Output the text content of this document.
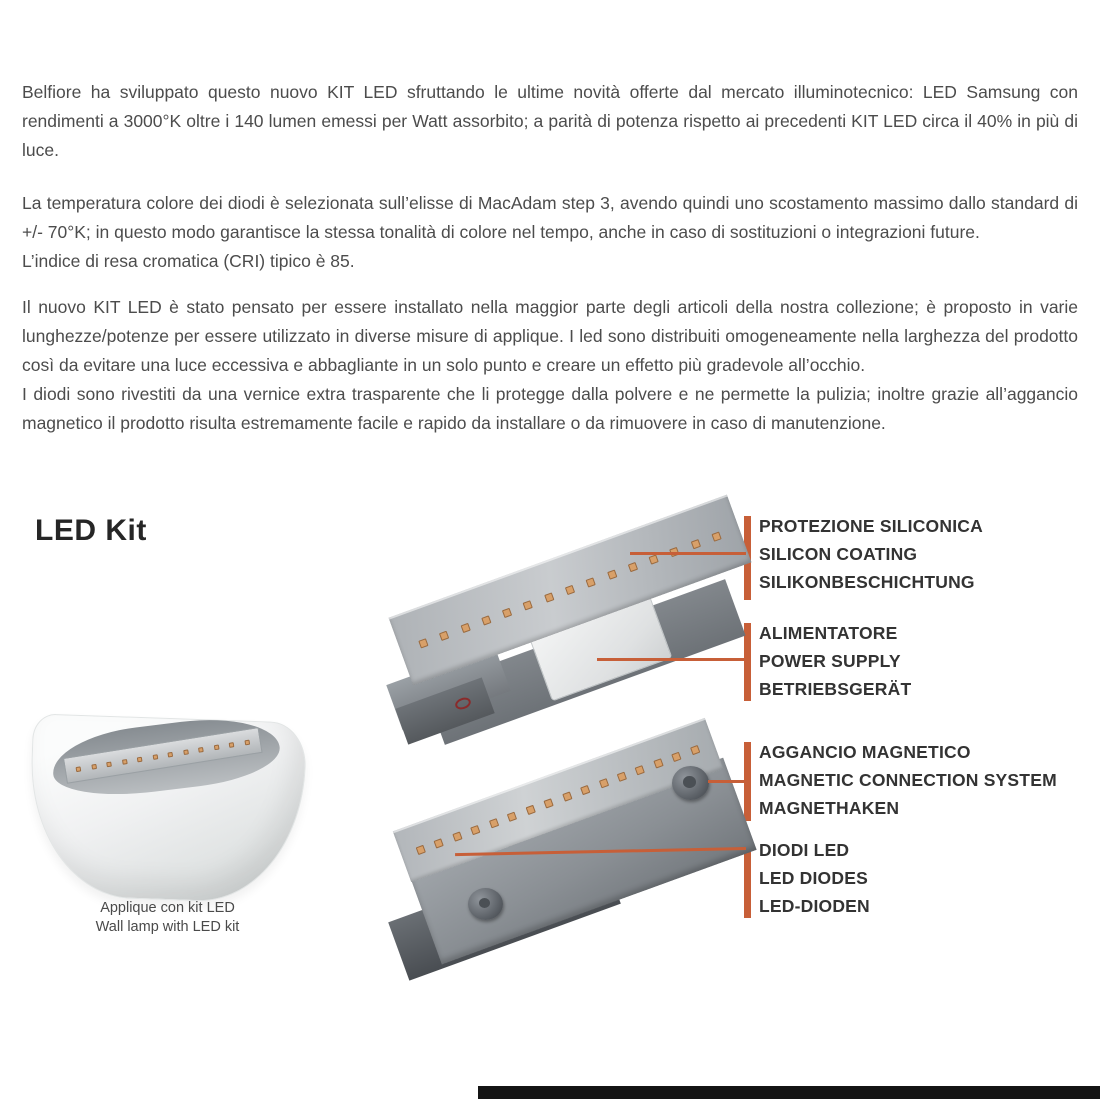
Belfiore ha sviluppato questo nuovo KIT LED sfruttando le ultime novità offerte dal mercato illuminotecnico: LED Samsung con rendimenti a 3000°K oltre i 140 lumen emessi per Watt assorbito; a parità di potenza rispetto ai precedenti KIT LED circa il 40% in più di luce.

La temperatura colore dei diodi è selezionata sull’elisse di MacAdam step 3, avendo quindi uno scostamento massimo dallo standard di +/- 70°K; in questo modo garantisce la stessa tonalità di colore nel tempo, anche in caso di sostituzioni o integrazioni future.

L’indice di resa cromatica (CRI) tipico è 85.

Il nuovo KIT LED è stato pensato per essere installato nella maggior parte degli articoli della nostra collezione; è proposto in varie lunghezze/potenze per essere utilizzato in diverse misure di applique. I led sono distribuiti omogeneamente nella larghezza del prodotto così da evitare una luce eccessiva e abbagliante in un solo punto e creare un effetto più gradevole all’occhio.

I diodi sono rivestiti da una vernice extra trasparente che li protegge dalla polvere e ne permette la pulizia; inoltre grazie all’aggancio magnetico il prodotto risulta estremamente facile e rapido da installare o da rimuovere in caso di manutenzione.

LED Kit
Applique con kit LED
Wall lamp with LED kit
PROTEZIONE SILICONICA
SILICON COATING
SILIKONBESCHICHTUNG
ALIMENTATORE
POWER SUPPLY
BETRIEBSGERÄT
AGGANCIO MAGNETICO
MAGNETIC CONNECTION SYSTEM
MAGNETHAKEN
DIODI LED
LED DIODES
LED-DIODEN
